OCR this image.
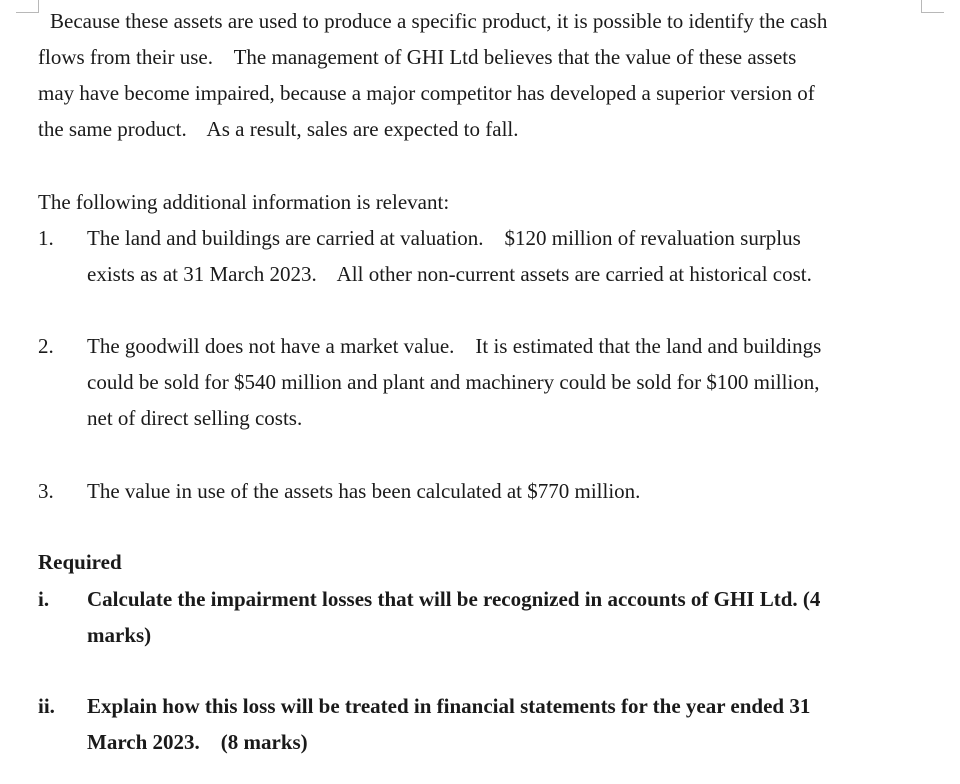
Because these assets are used to produce a specific product, it is possible to identify the cash
flows from their use.    The management of GHI Ltd believes that the value of these assets
may have become impaired, because a major competitor has developed a superior version of
the same product.    As a result, sales are expected to fall.
The following additional information is relevant:
1. The land and buildings are carried at valuation.    $120 million of revaluation surplus
exists as at 31 March 2023.    All other non-current assets are carried at historical cost.
2. The goodwill does not have a market value.    It is estimated that the land and buildings
could be sold for $540 million and plant and machinery could be sold for $100 million,
net of direct selling costs.
3. The value in use of the assets has been calculated at $770 million.
Required
i. Calculate the impairment losses that will be recognized in accounts of GHI Ltd. (4
marks)
ii. Explain how this loss will be treated in financial statements for the year ended 31
March 2023.    (8 marks)
